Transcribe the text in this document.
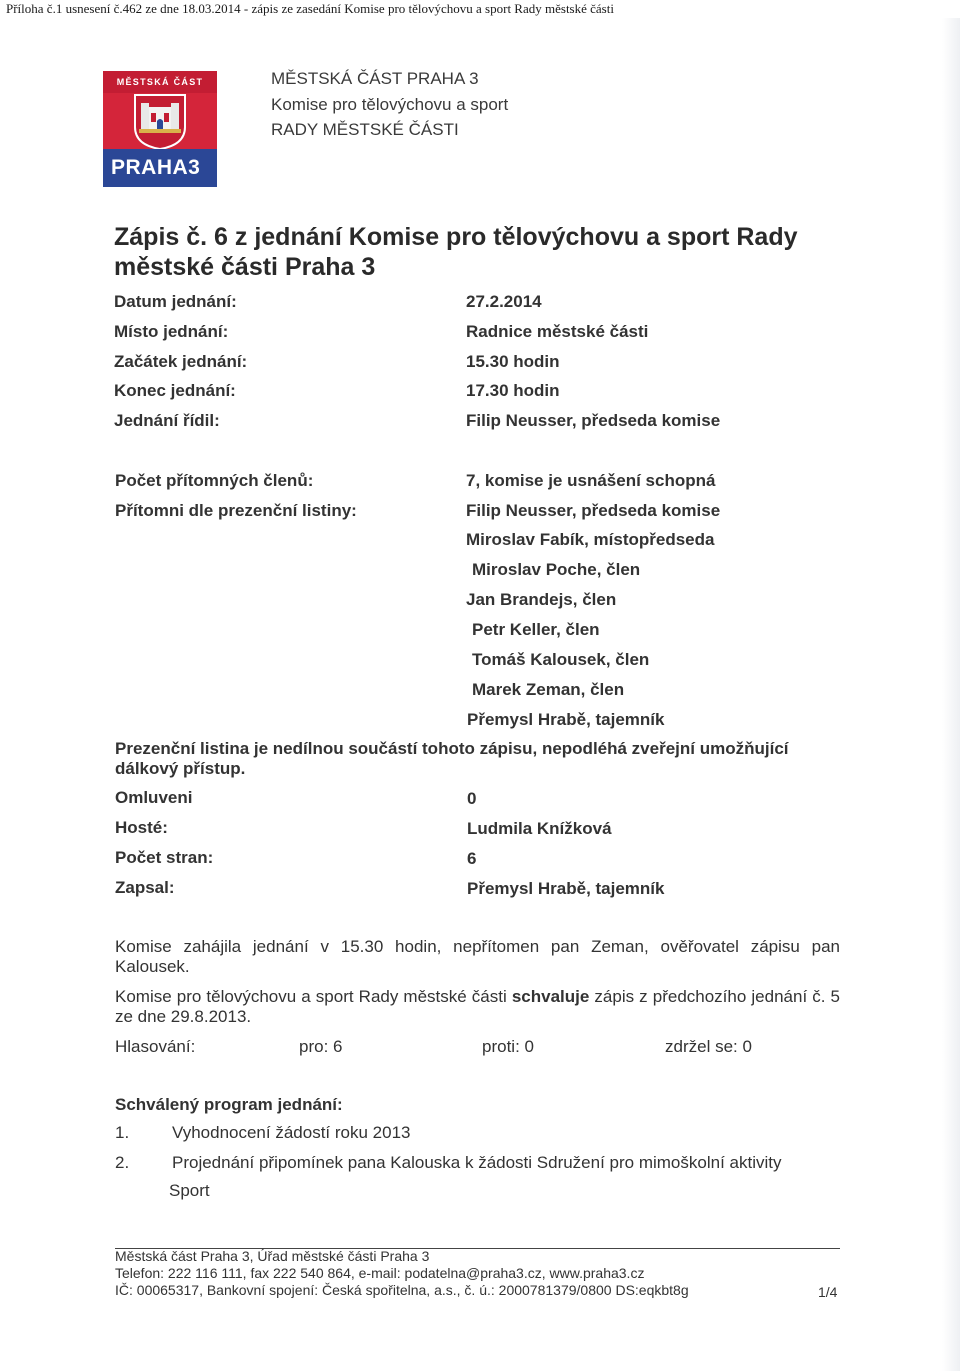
Příloha č.1 usnesení č.462 ze dne 18.03.2014 - zápis ze zasedání Komise pro tělovýchovu a sport Rady městské části
MĚSTSKÁ ČÁST
PRAHA3
MĚSTSKÁ ČÁST PRAHA 3
Komise pro tělovýchovu a sport
RADY MĚSTSKÉ ČÁSTI
Zápis č. 6 z jednání Komise pro tělovýchovu a sport Rady městské části Praha 3
Datum jednání:	27.2.2014
Místo jednání:	Radnice městské části
Začátek jednání:	15.30 hodin
Konec jednání:	17.30 hodin
Jednání řídil:	Filip Neusser, předseda komise
Počet přítomných členů:	7, komise je usnášení schopná
Přítomni dle prezenční listiny:	Filip Neusser, předseda komise
Miroslav Fabík, místopředseda
Miroslav Poche, člen
Jan Brandejs, člen
Petr Keller, člen
Tomáš Kalousek, člen
Marek Zeman, člen
Přemysl Hrabě, tajemník
Prezenční listina je nedílnou součástí tohoto zápisu, nepodléhá zveřejní umožňující dálkový přístup.
Omluveni	0
Hosté:	Ludmila Knížková
Počet stran:	6
Zapsal:	Přemysl Hrabě, tajemník
Komise zahájila jednání v 15.30 hodin, nepřítomen pan Zeman, ověřovatel zápisu pan Kalousek.
Komise pro tělovýchovu a sport Rady městské části schvaluje zápis z předchozího jednání č. 5 ze dne 29.8.2013.
Hlasování:	pro: 6	proti: 0	zdržel se: 0
Schválený program jednání:
1.	Vyhodnocení žádostí roku 2013
2.	Projednání připomínek pana Kalouska k žádosti Sdružení pro mimoškolní aktivity
Sport
Městská část Praha 3, Úřad městské části Praha 3
Telefon: 222 116 111, fax 222 540 864, e-mail: podatelna@praha3.cz, www.praha3.cz
IČ: 00065317, Bankovní spojení: Česká spořitelna, a.s., č. ú.: 2000781379/0800 DS:eqkbt8g	1/4
